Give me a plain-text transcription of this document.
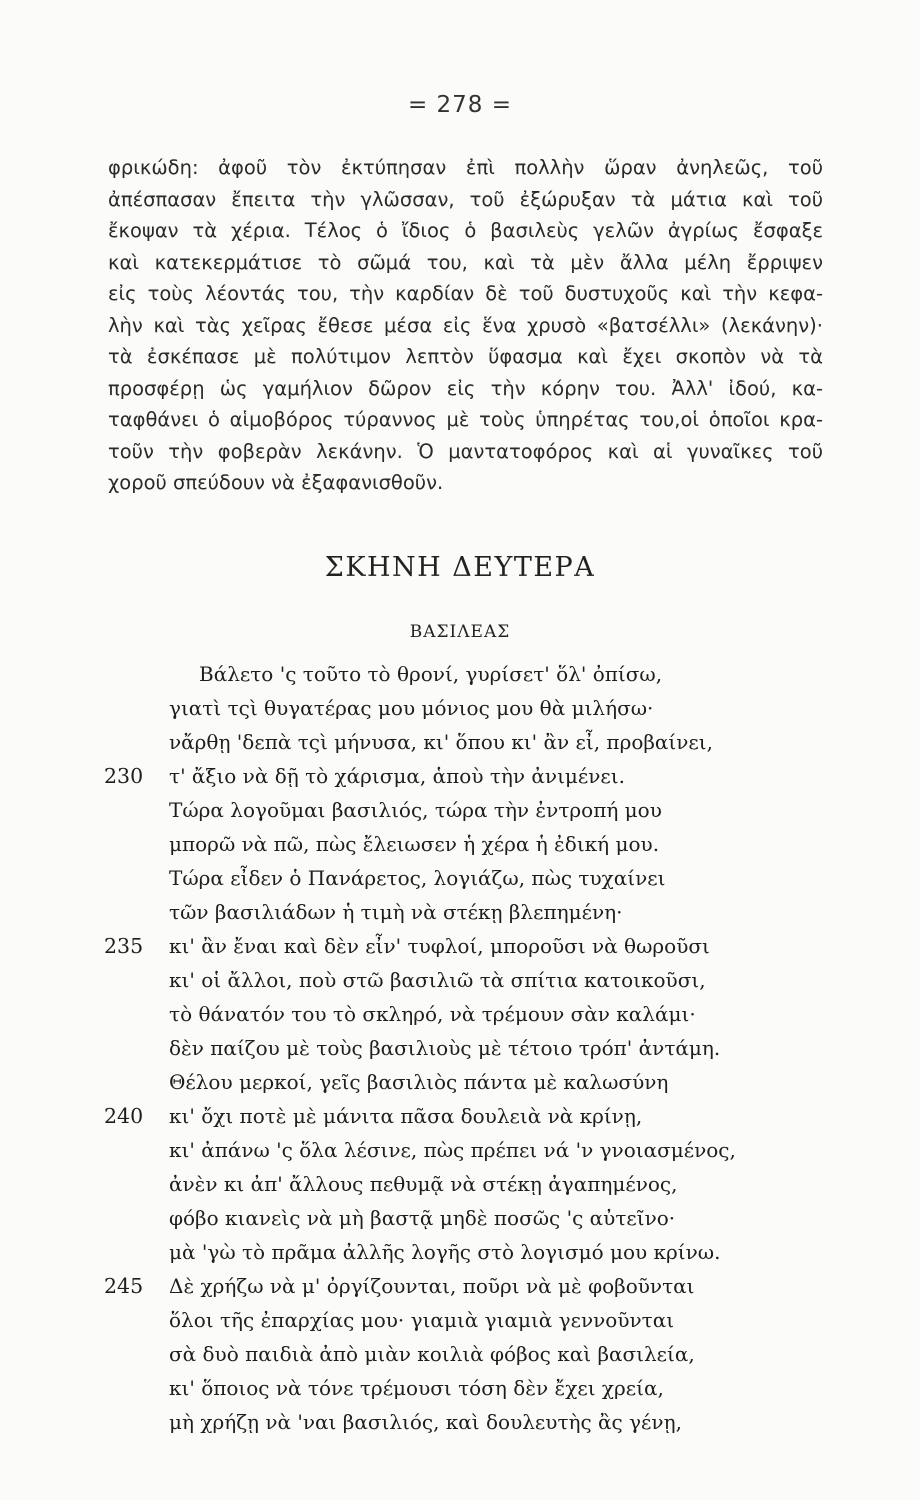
= 278 =
φρικώδη: ἀφοῦ τὸν ἐκτύπησαν ἐπὶ πολλὴν ὥραν ἀνηλεῶς, τοῦ
ἀπέσπασαν ἔπειτα τὴν γλῶσσαν, τοῦ ἐξώρυξαν τὰ μάτια καὶ τοῦ
ἔκοψαν τὰ χέρια. Τέλος ὁ ἴδιος ὁ βασιλεὺς γελῶν ἀγρίως ἔσφαξε
καὶ κατεκερμάτισε τὸ σῶμά του, καὶ τὰ μὲν ἄλλα μέλη ἔρριψεν
εἰς τοὺς λέοντάς του, τὴν καρδίαν δὲ τοῦ δυστυχοῦς καὶ τὴν κεφα-
λὴν καὶ τὰς χεῖρας ἔθεσε μέσα εἰς ἕνα χρυσὸ «βατσέλλι» (λεκάνην)·
τὰ ἐσκέπασε μὲ πολύτιμον λεπτὸν ὕφασμα καὶ ἔχει σκοπὸν νὰ τὰ
προσφέρῃ ὡς γαμήλιον δῶρον εἰς τὴν κόρην του. Ἀλλ' ἰδού, κα-
ταφθάνει ὁ αἱμοβόρος τύραννος μὲ τοὺς ὑπηρέτας του,οἱ ὁποῖοι κρα-
τοῦν τὴν φοβερὰν λεκάνην. Ὁ μαντατοφόρος καὶ αἱ γυναῖκες τοῦ
χοροῦ σπεύδουν νὰ ἐξαφανισθοῦν.
ΣΚΗΝΗ ΔΕΥΤΕΡΑ
ΒΑΣΙΛΕΑΣ
Βάλετο 'ς τοῦτο τὸ θρονί, γυρίσετ' ὅλ' ὀπίσω,
γιατὶ τςὶ θυγατέρας μου μόνιος μου θὰ μιλήσω·
νἄρθῃ 'δεπὰ τςὶ μήνυσα, κι' ὅπου κι' ἂν εἶ, προβαίνει,
230 τ' ἄξιο νὰ δῇ τὸ χάρισμα, ἁποὺ τὴν ἀνιμένει.
Τώρα λογοῦμαι βασιλιός, τώρα τὴν ἐντροπή μου
μπορῶ νὰ πῶ, πὼς ἔλειωσεν ἡ χέρα ἡ ἐδική μου.
Τώρα εἶδεν ὁ Πανάρετος, λογιάζω, πὼς τυχαίνει
τῶν βασιλιάδων ἡ τιμὴ νὰ στέκῃ βλεπημένη·
235 κι' ἂν ἔναι καὶ δὲν εἶν' τυφλοί, μποροῦσι νὰ θωροῦσι
κι' οἱ ἄλλοι, ποὺ στῶ βασιλιῶ τὰ σπίτια κατοικοῦσι,
τὸ θάνατόν του τὸ σκληρό, νὰ τρέμουν σὰν καλάμι·
δὲν παίζου μὲ τοὺς βασιλιοὺς μὲ τέτοιο τρόπ' ἀντάμη.
Θέλου μερκοί, γεῖς βασιλιὸς πάντα μὲ καλωσύνη
240 κι' ὄχι ποτὲ μὲ μάνιτα πᾶσα δουλειὰ νὰ κρίνῃ,
κι' ἀπάνω 'ς ὅλα λέσινε, πὼς πρέπει νά 'ν γνοιασμένος,
ἀνὲν κι ἀπ' ἄλλους πεθυμᾷ νὰ στέκῃ ἀγαπημένος,
φόβο κιανεὶς νὰ μὴ βαστᾷ μηδὲ ποσῶς 'ς αὐτεῖνο·
μὰ 'γὼ τὸ πρᾶμα ἀλλῆς λογῆς στὸ λογισμό μου κρίνω.
245 Δὲ χρήζω νὰ μ' ὀργίζουνται, ποῦρι νὰ μὲ φοβοῦνται
ὅλοι τῆς ἐπαρχίας μου· γιαμιὰ γιαμιὰ γεννοῦνται
σὰ δυὸ παιδιὰ ἀπὸ μιὰν κοιλιὰ φόβος καὶ βασιλεία,
κι' ὅποιος νὰ τόνε τρέμουσι τόση δὲν ἔχει χρεία,
μὴ χρήζῃ νὰ 'ναι βασιλιός, καὶ δουλευτὴς ἂς γένῃ,
